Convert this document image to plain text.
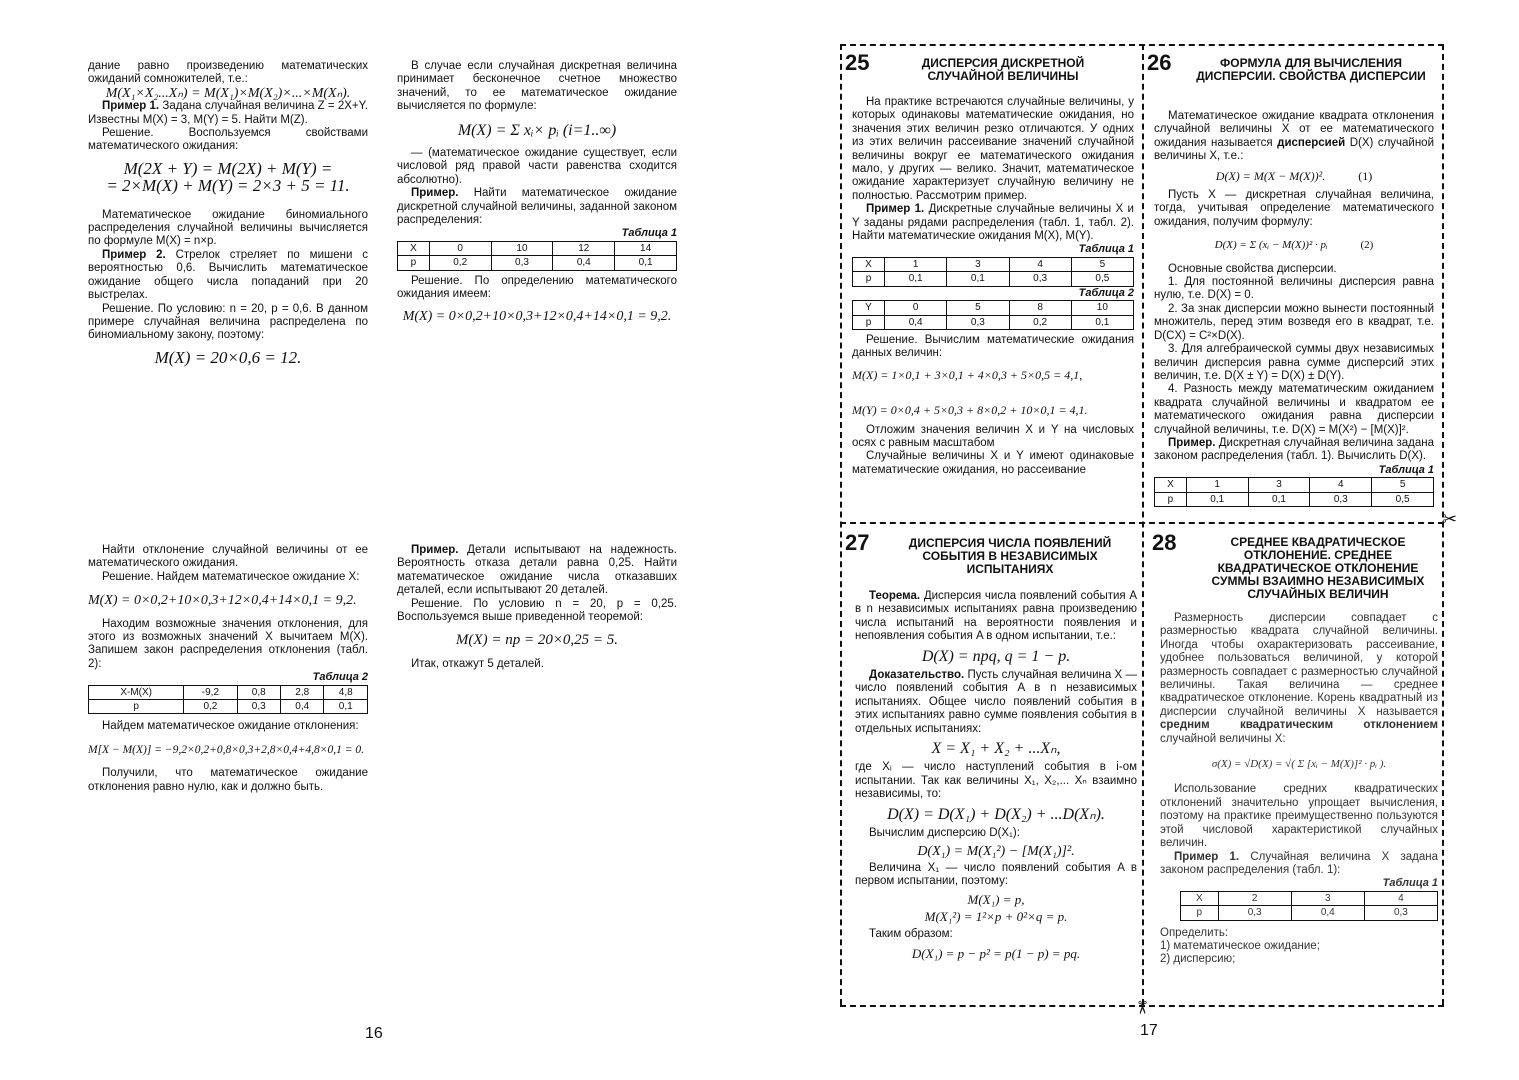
дание равно произведению математических ожиданий сомножителей, т.е.:

M(X₁×X₂...Xₙ) = M(X₁)×M(X₂)×...×M(Xₙ).

Пример 1. Задана случайная величина Z = 2X+Y. Известны M(X) = 3, M(Y) = 5. Найти M(Z).

Решение. Воспользуемся свойствами математического ожидания:

M(2X + Y) = M(2X) + M(Y) =

= 2×M(X) + M(Y) = 2×3 + 5 = 11.

Математическое ожидание биномиального распределения случайной величины вычисляется по формуле M(X) = n×p.

Пример 2. Стрелок стреляет по мишени с вероятностью 0,6. Вычислить математическое ожидание общего числа попаданий при 20 выстрелах.

Решение. По условию: n = 20, p = 0,6. В данном примере случайная величина распределена по биномиальному закону, поэтому:

M(X) = 20×0,6 = 12.

В случае если случайная дискретная величина принимает бесконечное счетное множество значений, то ее математическое ожидание вычисляется по формуле:

M(X) = Σ xᵢ× pᵢ (i=1..∞)

— (математическое ожидание существует, если числовой ряд правой части равенства сходится абсолютно).

Пример. Найти математическое ожидание дискретной случайной величины, заданной законом распределения:

Таблица 1

X	0	10	12	14
p	0,2	0,3	0,4	0,1

Решение. По определению математического ожидания имеем:

M(X) = 0×0,2+10×0,3+12×0,4+14×0,1 = 9,2.

Найти отклонение случайной величины от ее математического ожидания.

Решение. Найдем математическое ожидание X:

M(X) = 0×0,2+10×0,3+12×0,4+14×0,1 = 9,2.

Находим возможные значения отклонения, для этого из возможных значений X вычитаем M(X). Запишем закон распределения отклонения (табл. 2):

Таблица 2

X-M(X)	-9,2	0,8	2,8	4,8
p	0,2	0,3	0,4	0,1

Найдем математическое ожидание отклонения:

M[X − M(X)] = −9,2×0,2+0,8×0,3+2,8×0,4+4,8×0,1 = 0.

Получили, что математическое ожидание отклонения равно нулю, как и должно быть.

Пример. Детали испытывают на надежность. Вероятность отказа детали равна 0,25. Найти математическое ожидание числа отказавших деталей, если испытывают 20 деталей.

Решение. По условию n = 20, p = 0,25. Воспользуемся выше приведенной теоремой:

M(X) = np = 20×0,25 = 5.

Итак, откажут 5 деталей.

16
✂
✂
25	ДИСПЕРСИЯ ДИСКРЕТНОЙ СЛУЧАЙНОЙ ВЕЛИЧИНЫ

На практике встречаются случайные величины, у которых одинаковы математические ожидания, но значения этих величин резко отличаются. У одних из этих величин рассеивание значений случайной величины вокруг ее математического ожидания мало, у других — велико. Значит, математическое ожидание характеризует случайную величину не полностью. Рассмотрим пример.

Пример 1. Дискретные случайные величины X и Y заданы рядами распределения (табл. 1, табл. 2). Найти математические ожидания M(X), M(Y).

Таблица 1

X	1	3	4	5
p	0,1	0,1	0,3	0,5

Таблица 2

Y	0	5	8	10
p	0,4	0,3	0,2	0,1

Решение. Вычислим математические ожидания данных величин:

M(X) = 1×0,1 + 3×0,1 + 4×0,3 + 5×0,5 = 4,1,

M(Y) = 0×0,4 + 5×0,3 + 8×0,2 + 10×0,1 = 4,1.

Отложим значения величин X и Y на числовых осях с равным масштабом

Случайные величины X и Y имеют одинаковые математические ожидания, но рассеивание

26	ФОРМУЛА ДЛЯ ВЫЧИСЛЕНИЯ ДИСПЕРСИИ. СВОЙСТВА ДИСПЕРСИИ

Математическое ожидание квадрата отклонения случайной величины X от ее математического ожидания называется дисперсией D(X) случайной величины X, т.е.:

D(X) = M(X − M(X))².	(1)

Пусть X — дискретная случайная величина, тогда, учитывая определение математического ожидания, получим формулу:

D(X) = Σ (xᵢ − M(X))² · pᵢ	(2)

Основные свойства дисперсии.

1. Для постоянной величины дисперсия равна нулю, т.е. D(X) = 0.

2. За знак дисперсии можно вынести постоянный множитель, перед этим возведя его в квадрат, т.е. D(CX) = C²×D(X).

3. Для алгебраической суммы двух независимых величин дисперсия равна сумме дисперсий этих величин, т.е. D(X ± Y) = D(X) ± D(Y).

4. Разность между математическим ожиданием квадрата случайной величины и квадратом ее математического ожидания равна дисперсии случайной величины, т.е. D(X) = M(X²) − [M(X)]².

Пример. Дискретная случайная величина задана законом распределения (табл. 1). Вычислить D(X).

Таблица 1

X	1	3	4	5
p	0,1	0,1	0,3	0,5
27	ДИСПЕРСИЯ ЧИСЛА ПОЯВЛЕНИЙ СОБЫТИЯ В НЕЗАВИСИМЫХ ИСПЫТАНИЯХ

Теорема. Дисперсия числа появлений события A в n независимых испытаниях равна произведению числа испытаний на вероятности появления и непоявления события A в одном испытании, т.е.:

D(X) = npq, q = 1 − p.

Доказательство. Пусть случайная величина X — число появлений события A в n независимых испытаниях. Общее число появлений события в этих испытаниях равно сумме появления события в отдельных испытаниях:

X = X₁ + X₂ + ...Xₙ,

где Xᵢ — число наступлений события в i-ом испытании. Так как величины X₁, X₂,... Xₙ взаимно независимы, то:

D(X) = D(X₁) + D(X₂) + ...D(Xₙ).

Вычислим дисперсию D(X₁):

D(X₁) = M(X₁²) − [M(X₁)]².

Величина X₁ — число появлений события A в первом испытании, поэтому:

M(X₁) = p,

M(X₁²) = 1²×p + 0²×q = p.

Таким образом:

D(X₁) = p − p² = p(1 − p) = pq.

28	СРЕДНЕЕ КВАДРАТИЧЕСКОЕ ОТКЛОНЕНИЕ. СРЕДНЕЕ КВАДРАТИЧЕСКОЕ ОТКЛОНЕНИЕ СУММЫ ВЗАИМНО НЕЗАВИСИМЫХ СЛУЧАЙНЫХ ВЕЛИЧИН

Размерность дисперсии совпадает с размерностью квадрата случайной величины. Иногда чтобы охарактеризовать рассеивание, удобнее пользоваться величиной, у которой размерность совпадает с размерностью случайной величины. Такая величина — среднее квадратическое отклонение. Корень квадратный из дисперсии случайной величины X называется средним квадратическим отклонением случайной величины X:

σ(X) = √D(X) = √( Σ [xᵢ − M(X)]² · pᵢ ).

Использование средних квадратических отклонений значительно упрощает вычисления, поэтому на практике преимущественно пользуются этой числовой характеристикой случайных величин.

Пример 1. Случайная величина X задана законом распределения (табл. 1):

Таблица 1

X	2	3	4
p	0,3	0,4	0,3

Определить:

1) математическое ожидание;

2) дисперсию;

17
